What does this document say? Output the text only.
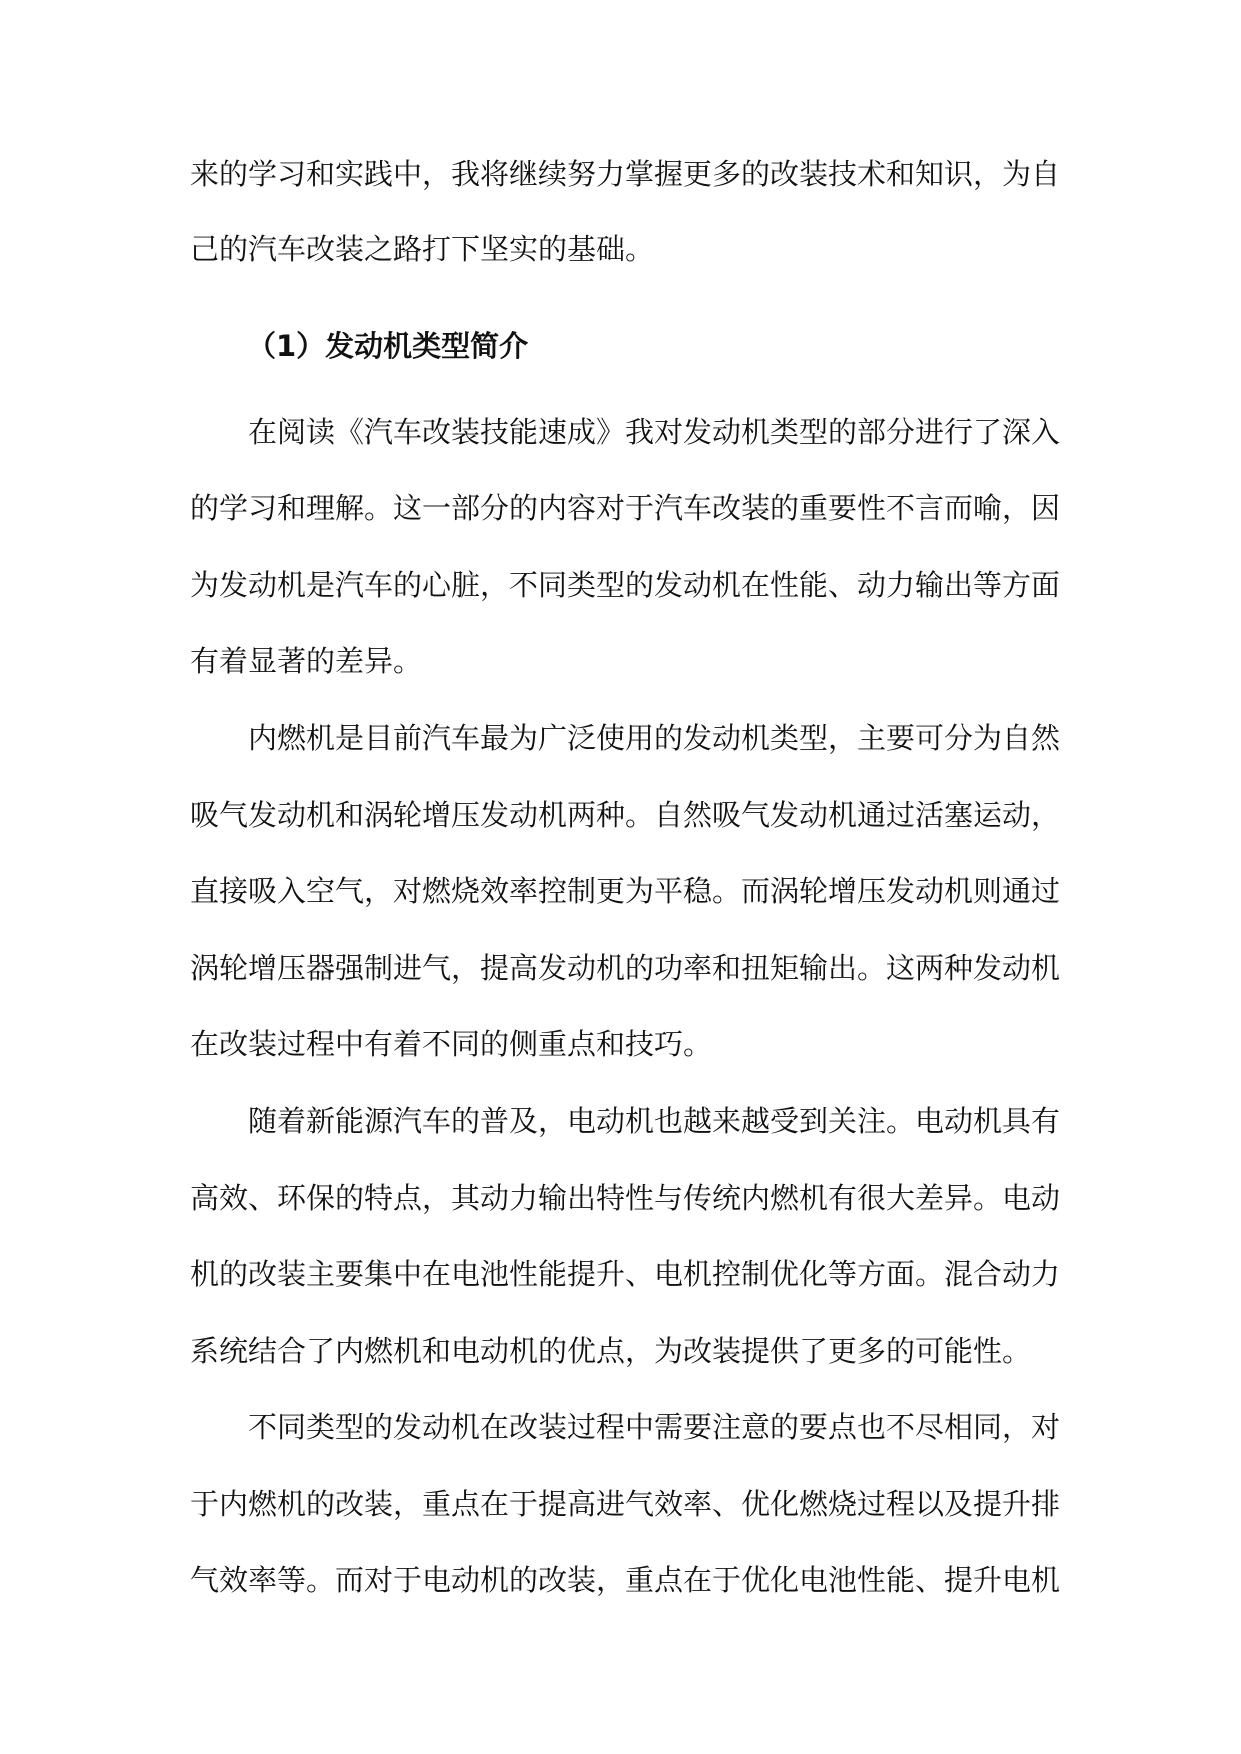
来的学习和实践中，我将继续努力掌握更多的改装技术和知识，为自
己的汽车改装之路打下坚实的基础。
（1）发动机类型简介
在阅读《汽车改装技能速成》我对发动机类型的部分进行了深入
的学习和理解。这一部分的内容对于汽车改装的重要性不言而喻，因
为发动机是汽车的心脏，不同类型的发动机在性能、动力输出等方面
有着显著的差异。
内燃机是目前汽车最为广泛使用的发动机类型，主要可分为自然
吸气发动机和涡轮增压发动机两种。自然吸气发动机通过活塞运动，
直接吸入空气，对燃烧效率控制更为平稳。而涡轮增压发动机则通过
涡轮增压器强制进气，提高发动机的功率和扭矩输出。这两种发动机
在改装过程中有着不同的侧重点和技巧。
随着新能源汽车的普及，电动机也越来越受到关注。电动机具有
高效、环保的特点，其动力输出特性与传统内燃机有很大差异。电动
机的改装主要集中在电池性能提升、电机控制优化等方面。混合动力
系统结合了内燃机和电动机的优点，为改装提供了更多的可能性。
不同类型的发动机在改装过程中需要注意的要点也不尽相同，对
于内燃机的改装，重点在于提高进气效率、优化燃烧过程以及提升排
气效率等。而对于电动机的改装，重点在于优化电池性能、提升电机
